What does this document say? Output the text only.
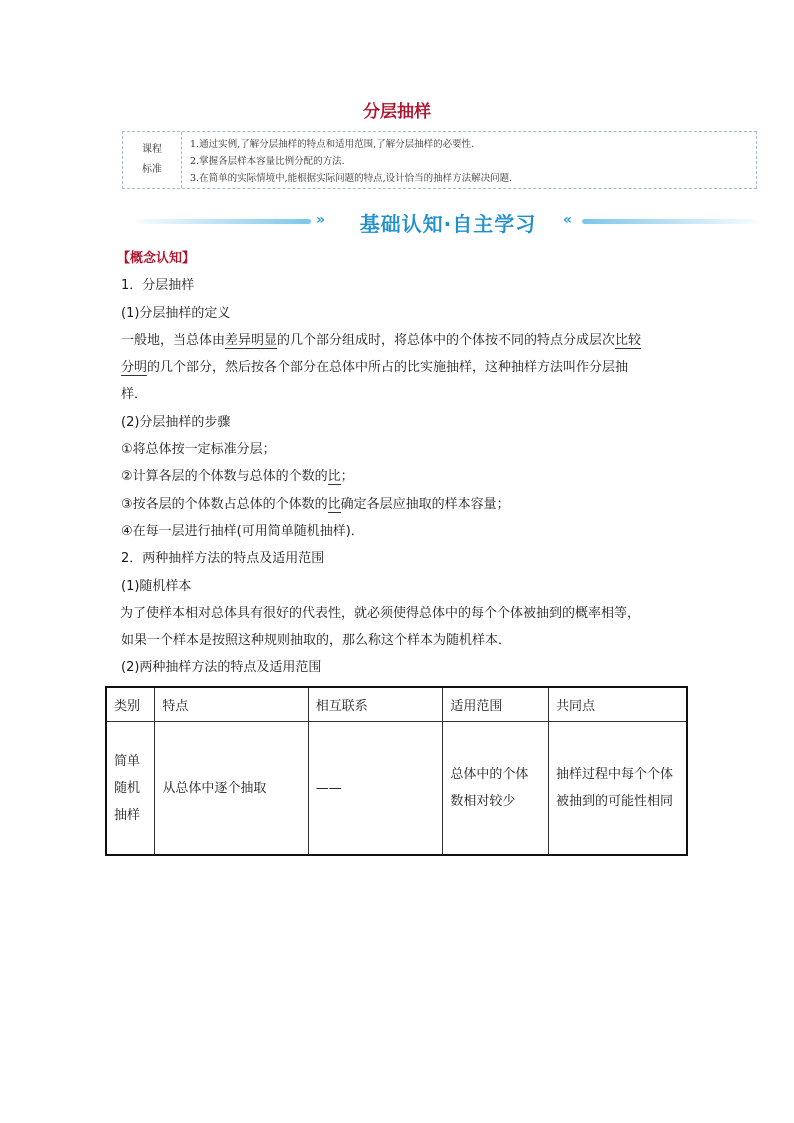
分层抽样
课程
标准
1.通过实例,了解分层抽样的特点和适用范围,了解分层抽样的必要性.
2.掌握各层样本容量比例分配的方法.
3.在简单的实际情境中,能根据实际问题的特点,设计恰当的抽样方法解决问题.
»	基础认知·自主学习	«
【概念认知】
1．分层抽样
(1)分层抽样的定义
一般地，当总体由差异明显的几个部分组成时，将总体中的个体按不同的特点分成层次比较
分明的几个部分，然后按各个部分在总体中所占的比实施抽样，这种抽样方法叫作分层抽
样．
(2)分层抽样的步骤
①将总体按一定标准分层；
②计算各层的个体数与总体的个数的比；
③按各层的个体数占总体的个体数的比确定各层应抽取的样本容量；
④在每一层进行抽样(可用简单随机抽样)．
2．两种抽样方法的特点及适用范围
(1)随机样本
为了使样本相对总体具有很好的代表性，就必须使得总体中的每个个体被抽到的概率相等，
如果一个样本是按照这种规则抽取的，那么称这个样本为随机样本．
(2)两种抽样方法的特点及适用范围
类别	特点	相互联系	适用范围	共同点
简单随机抽样	从总体中逐个抽取	——	总体中的个体数相对较少	抽样过程中每个个体被抽到的可能性相同
